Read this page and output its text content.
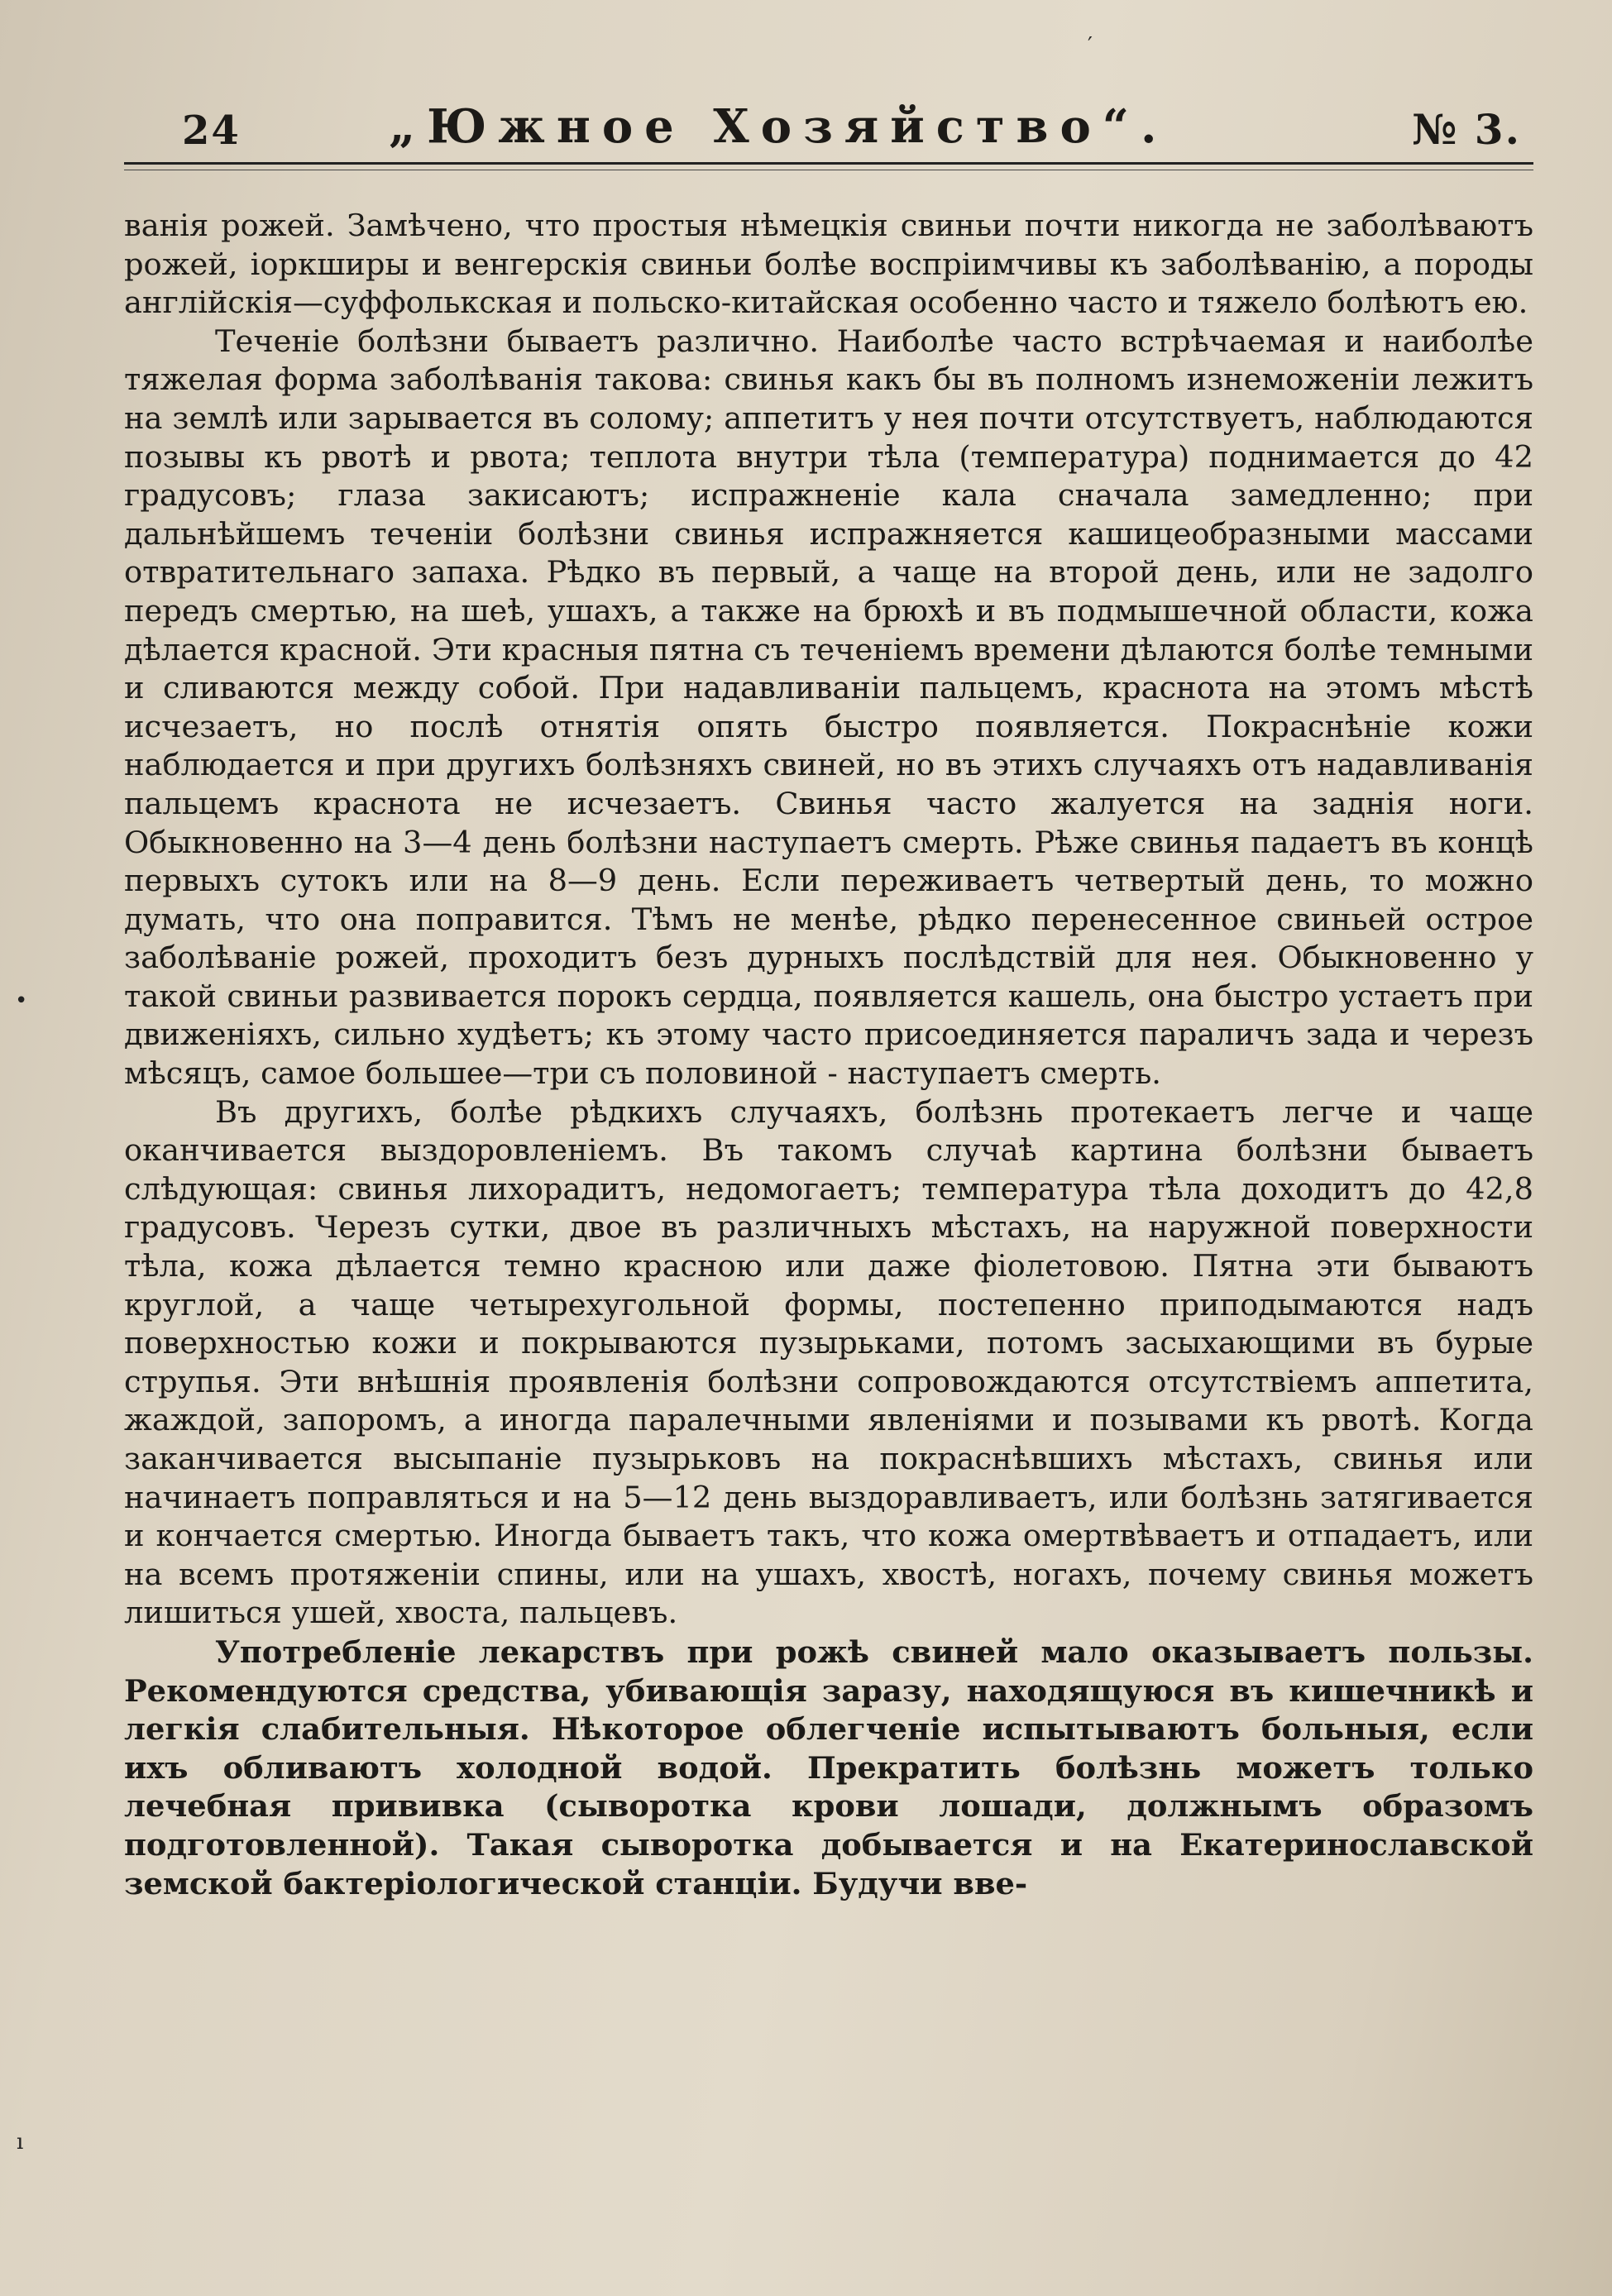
24	„Южное Хозяйство“.	№ 3.

ванія рожей. Замѣчено, что простыя нѣмецкія свиньи почти никогда не заболѣваютъ рожей, іоркширы и венгерскія свиньи болѣе воспріимчивы къ заболѣванію, а породы англійскія—суффолькская и польско-китайская особенно часто и тяжело болѣютъ ею.

Теченіе болѣзни бываетъ различно. Наиболѣе часто встрѣчаемая и наиболѣе тяжелая форма заболѣванія такова: свинья какъ бы въ полномъ изнеможеніи лежитъ на землѣ или зарывается въ солому; аппетитъ у нея почти отсутствуетъ, наблюдаются позывы къ рвотѣ и рвота; теплота внутри тѣла (температура) поднимается до 42 градусовъ; глаза закисаютъ; испражненіе кала сначала замедленно; при дальнѣйшемъ теченіи болѣзни свинья испражняется кашицеобразными массами отвратительнаго запаха. Рѣдко въ первый, а чаще на второй день, или не задолго передъ смертью, на шеѣ, ушахъ, а также на брюхѣ и въ подмышечной области, кожа дѣлается красной. Эти красныя пятна съ теченіемъ времени дѣлаются болѣе темными и сливаются между собой. При надавливаніи пальцемъ, краснота на этомъ мѣстѣ исчезаетъ, но послѣ отнятія опять быстро появляется. Покраснѣніе кожи наблюдается и при другихъ болѣзняхъ свиней, но въ этихъ случаяхъ отъ надавливанія пальцемъ краснота не исчезаетъ. Свинья часто жалуется на заднія ноги. Обыкновенно на 3—4 день болѣзни наступаетъ смерть. Рѣже свинья падаетъ въ концѣ первыхъ сутокъ или на 8—9 день. Если переживаетъ четвертый день, то можно думать, что она поправится. Тѣмъ не менѣе, рѣдко перенесенное свиньей острое заболѣваніе рожей, проходитъ безъ дурныхъ послѣдствій для нея. Обыкновенно у такой свиньи развивается порокъ сердца, появляется кашель, она быстро устаетъ при движеніяхъ, сильно худѣетъ; къ этому часто присоединяется параличъ зада и черезъ мѣсяцъ, самое большее—три съ половиной - наступаетъ смерть.

Въ другихъ, болѣе рѣдкихъ случаяхъ, болѣзнь протекаетъ легче и чаще оканчивается выздоровленіемъ. Въ такомъ случаѣ картина болѣзни бываетъ слѣдующая: свинья лихорадитъ, недомогаетъ; температура тѣла доходитъ до 42,8 градусовъ. Черезъ сутки, двое въ различныхъ мѣстахъ, на наружной поверхности тѣла, кожа дѣлается темно красною или даже фіолетовою. Пятна эти бываютъ круглой, а чаще четырехугольной формы, постепенно приподымаются надъ поверхностью кожи и покрываются пузырьками, потомъ засыхающими въ бурые струпья. Эти внѣшнія проявленія болѣзни сопровождаются отсутствіемъ аппетита, жаждой, запоромъ, а иногда паралечными явленіями и позывами къ рвотѣ. Когда заканчивается высыпаніе пузырьковъ на покраснѣвшихъ мѣстахъ, свинья или начинаетъ поправляться и на 5—12 день выздоравливаетъ, или болѣзнь затягивается и кончается смертью. Иногда бываетъ такъ, что кожа омертвѣваетъ и отпадаетъ, или на всемъ протяженіи спины, или на ушахъ, хвостѣ, ногахъ, почему свинья можетъ лишиться ушей, хвоста, пальцевъ.

Употребленіе лекарствъ при рожѣ свиней мало оказываетъ пользы. Рекомендуются средства, убивающія заразу, находящуюся въ кишечникѣ и легкія слабительныя. Нѣкоторое облегченіе испытываютъ больныя, если ихъ обливаютъ холодной водой. Прекратить болѣзнь можетъ только лечебная прививка (сыворотка крови лошади, должнымъ образомъ подготовленной). Такая сыворотка добывается и на Екатеринославской земской бактеріологической станціи. Будучи вве-

′
•
ı
